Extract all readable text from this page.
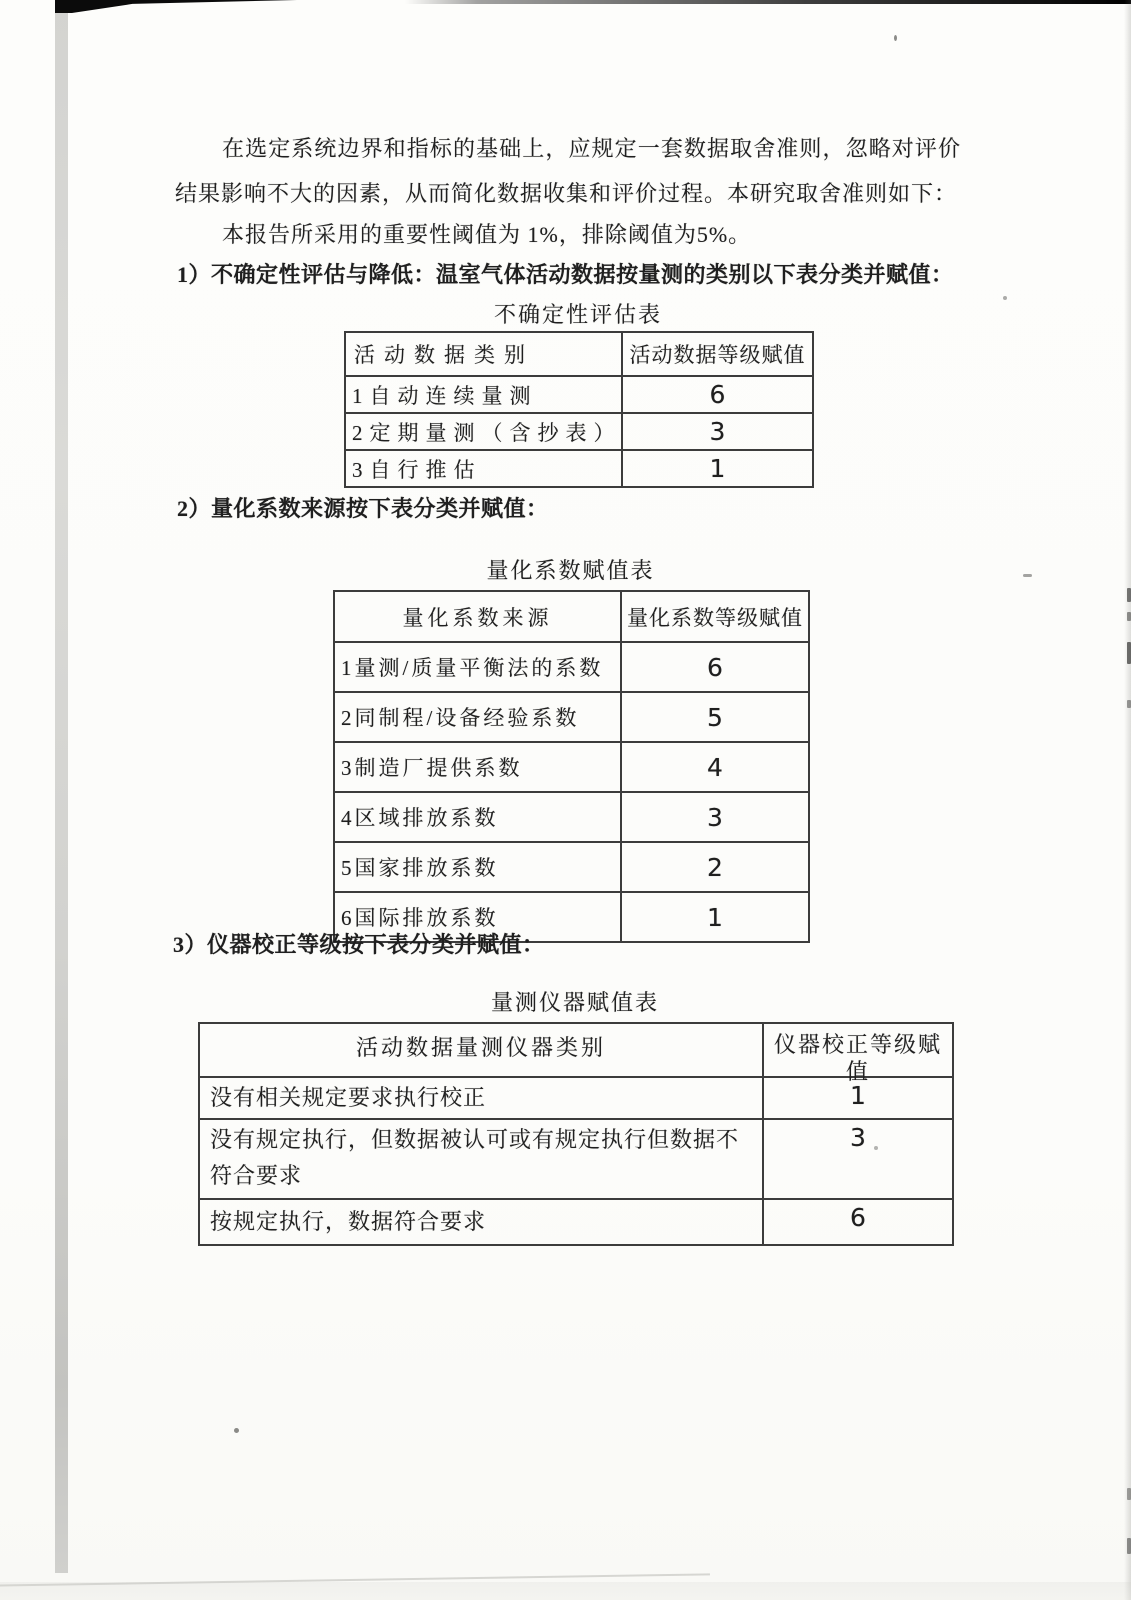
在选定系统边界和指标的基础上，应规定一套数据取舍准则，忽略对评价结果影响不大的因素，从而简化数据收集和评价过程。本研究取舍准则如下：

本报告所采用的重要性阈值为 1%，排除阈值为5%。

1）不确定性评估与降低：温室气体活动数据按量测的类别以下表分类并赋值：
不确定性评估表
活动数据类别	活动数据等级赋值
1自动连续量测	6
2定期量测（含抄表）	3
3自行推估	1
2）量化系数来源按下表分类并赋值：
量化系数赋值表
量化系数来源	量化系数等级赋值
1量测/质量平衡法的系数	6
2同制程/设备经验系数	5
3制造厂提供系数	4
4区域排放系数	3
5国家排放系数	2
6国际排放系数	1
3）仪器校正等级按下表分类并赋值：
量测仪器赋值表
活动数据量测仪器类别	仪器校正等级赋值

没有相关规定要求执行校正	1
没有规定执行，但数据被认可或有规定执行但数据不符合要求	3
按规定执行，数据符合要求	6
